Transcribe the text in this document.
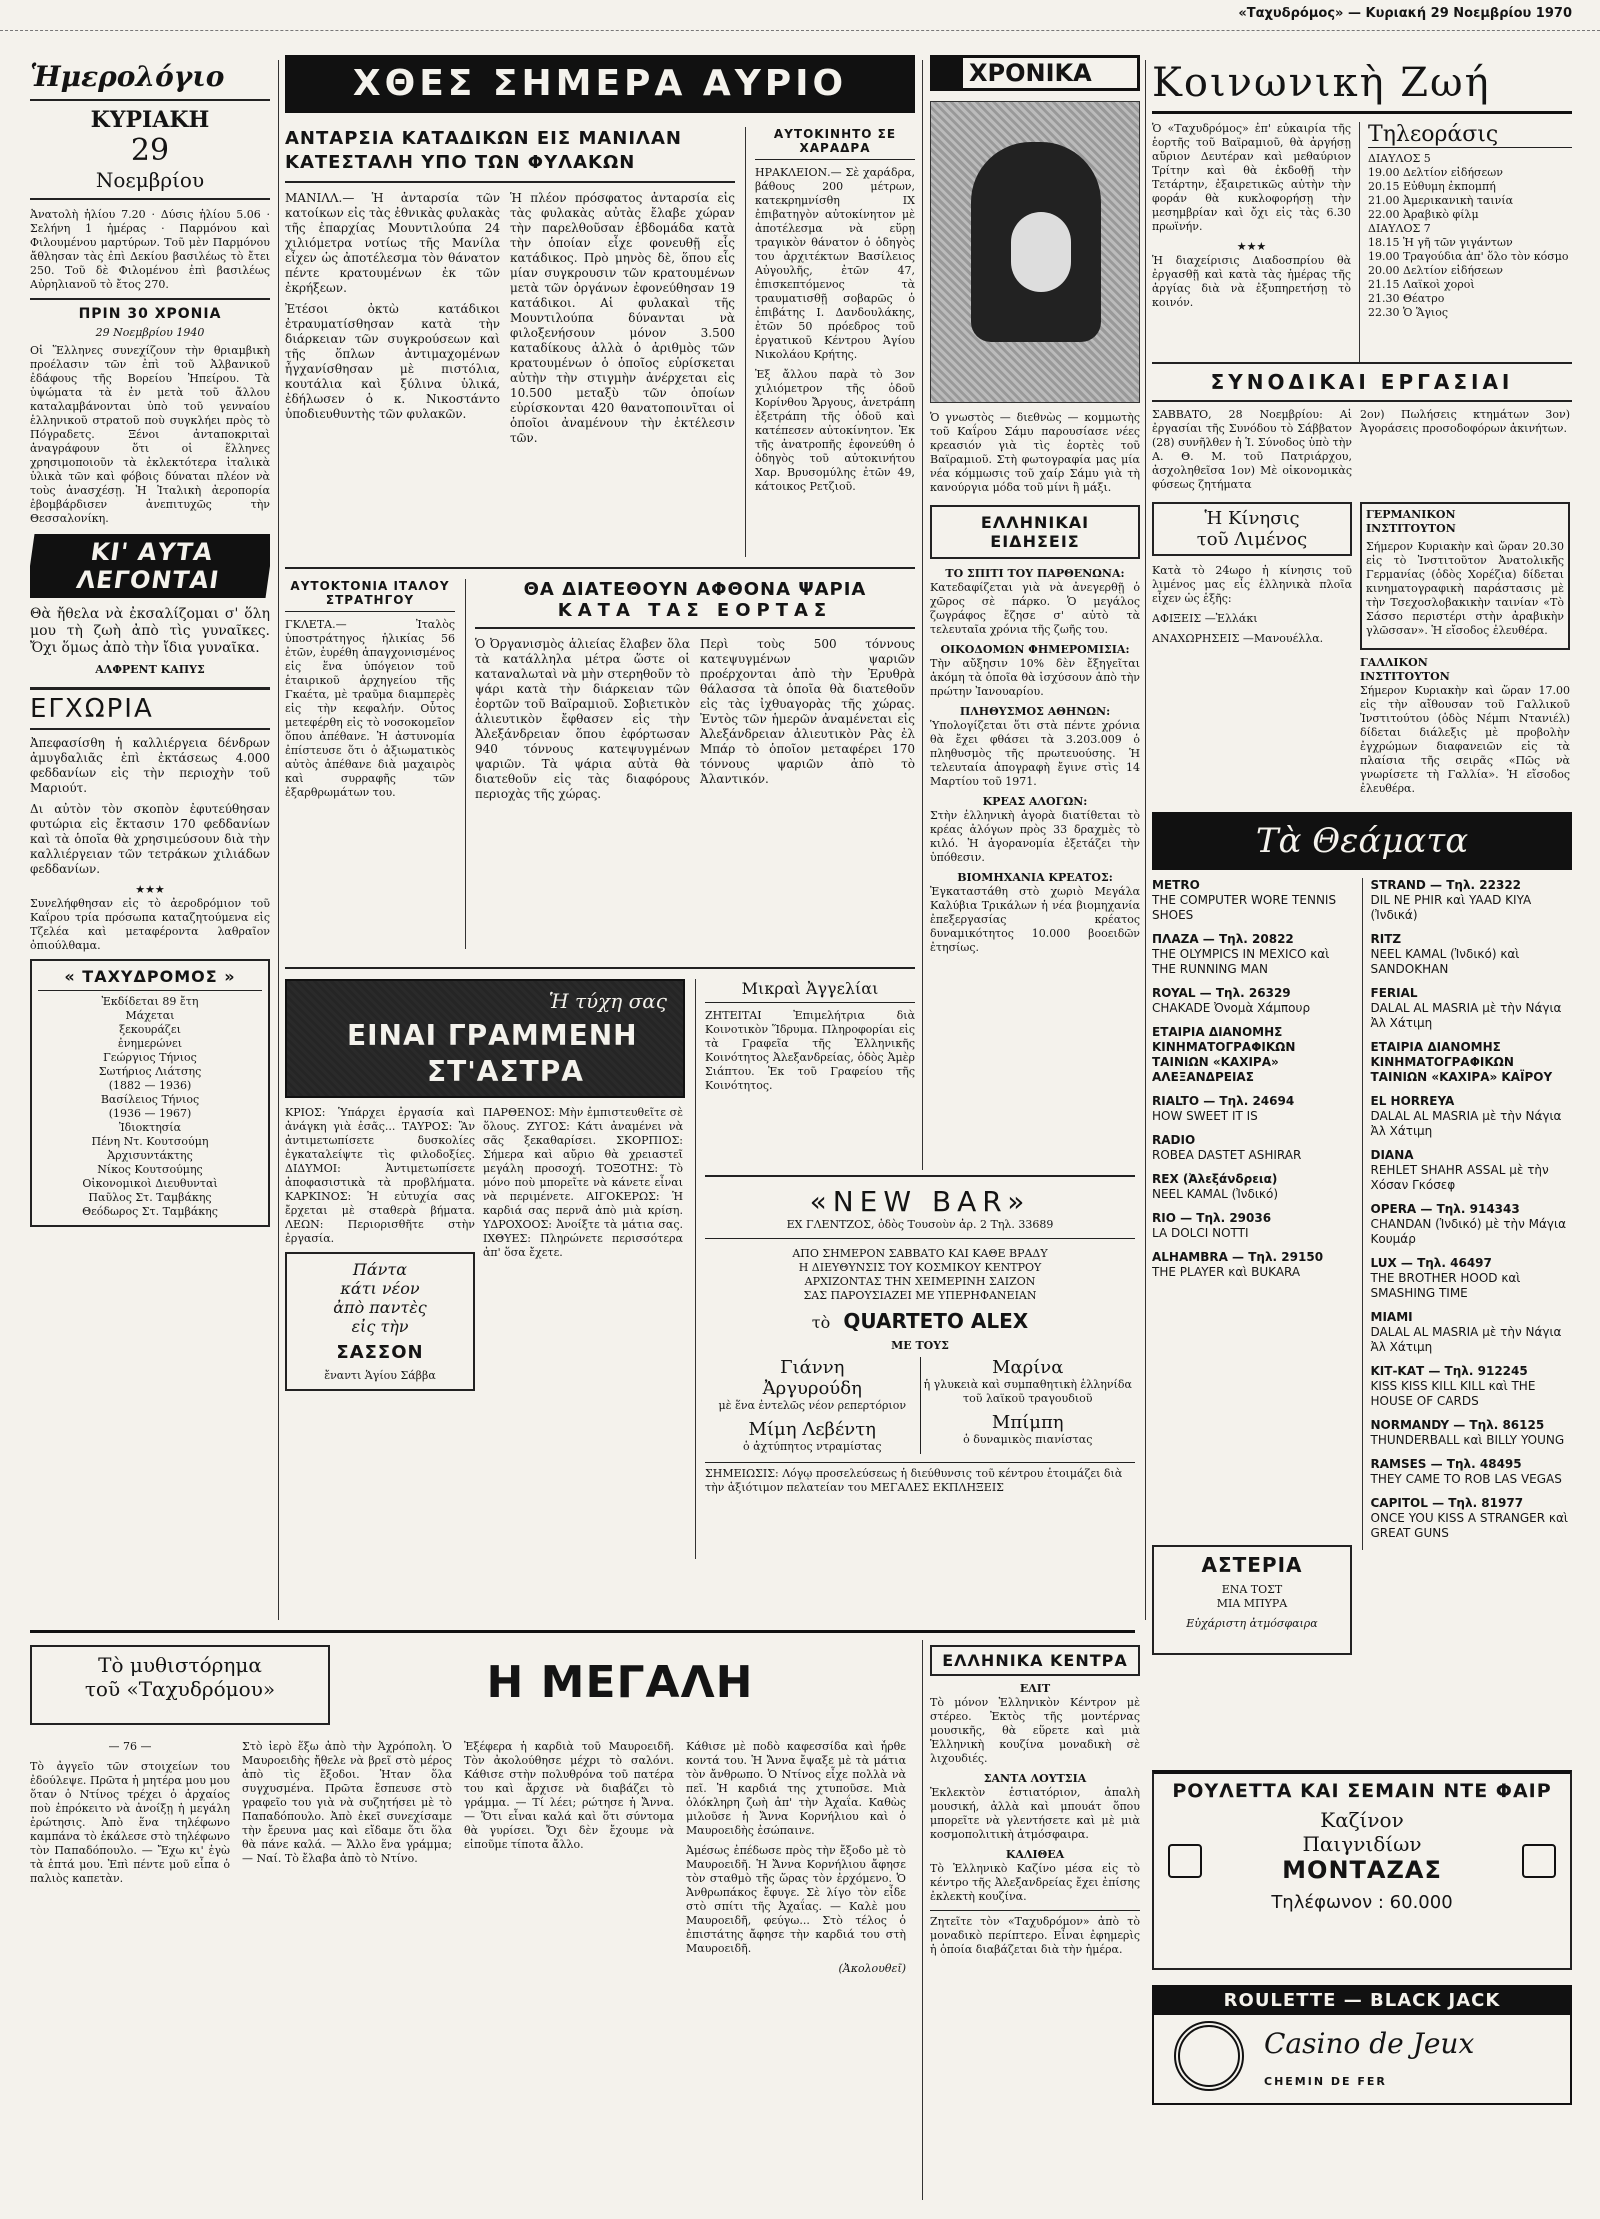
«Ταχυδρόμος» — Κυριακή 29 Νοεμβρίου 1970
Ἡμερολόγιο
ΚΥΡΙΑΚΗ
29
Νοεμβρίου

Ἀνατολὴ ἡλίου 7.20 · Δύσις ἡλίου 5.06 · Σελήνη 1 ἡμέρας · Παρμόνου καὶ Φιλουμένου μαρτύρων. Τοῦ μὲν Παρμόνου ἄθλησαν τὰς ἐπὶ Δεκίου βασιλέως τὸ ἔτει 250. Τοῦ δὲ Φιλομένου ἐπὶ βασιλέως Αὐρηλιανοῦ τὸ ἔτος 270.

ΠΡΙΝ 30 ΧΡΟΝΙΑ
29 Νοεμβρίου 1940

Οἱ Ἕλληνες συνεχίζουν τὴν θριαμβικὴ προέλασιν τῶν ἐπὶ τοῦ Ἀλβανικοῦ ἐδάφους τῆς Βορείου Ἠπείρου. Τὰ ὑψώματα τὰ ἐν μετὰ τοῦ ἄλλου καταλαμβάνονται ὑπὸ τοῦ γενναίου ἑλληνικοῦ στρατοῦ ποὺ συγκλήει πρὸς τὸ Πόγραδετς. Ξένοι ἀνταποκριταὶ ἀναγράφουν ὅτι οἱ ἕλληνες χρησιμοποιοῦν τὰ ἐκλεκτότερα ἰταλικὰ ὑλικὰ τῶν καὶ φόβοις δύναται πλέον νὰ τοὺς ἀνασχέσῃ. Ἡ Ἰταλικὴ ἀεροπορία ἐβομβάρδισεν ἀνεπιτυχῶς τὴν Θεσσαλονίκη.

ΚΙ' ΑΥΤΑ
ΛΕΓΟΝΤΑΙ

Θὰ ἤθελα νὰ ἐκσαλίζομαι σ' ὅλη μου τὴ ζωὴ ἀπὸ τὶς γυναῖκες. Ὄχι ὅμως ἀπὸ τὴν ἴδια γυναῖκα.

ΑΛΦΡΕΝΤ ΚΑΠΥΣ
ΕΓΧΩΡΙΑ

Ἀπεφασίσθη ἡ καλλιέργεια δένδρων ἀμυγδαλιᾶς ἐπὶ ἐκτάσεως 4.000 φεδδανίων εἰς τὴν περιοχὴν τοῦ Μαριούτ.

Δι αὐτὸν τὸν σκοπὸν ἐφυτεύθησαν φυτώρια εἰς ἔκτασιν 170 φεδδανίων καὶ τὰ ὁποῖα θὰ χρησιμεύσουν διὰ τὴν καλλιέργειαν τῶν τετράκων χιλιάδων φεδδανίων.

★★★

Συνελήφθησαν εἰς τὸ ἀεροδρόμιον τοῦ Καΐρου τρία πρόσωπα καταζητούμενα εἰς Τζελέα καὶ μεταφέροντα λαθραῖον ὀπιούλθαμα.

« ΤΑΧΥΔΡΟΜΟΣ »
Ἐκδίδεται 89 ἔτη
Μάχεται
ξεκουράζει
ἐνημερώνει
Γεώργιος Τήνιος
Σωτήριος Λιάτσης
(1882 — 1936)
Βασίλειος Τήνιος
(1936 — 1967)
Ἰδιοκτησία
Πένη Ντ. Κουτσούμη
Ἀρχισυντάκτης
Νίκος Κουτσούμης
Οἰκονομικοὶ Διευθυνταὶ
Παῦλος Στ. Ταμβάκης
Θεόδωρος Στ. Ταμβάκης
ΧΘΕΣ ΣΗΜΕΡΑ ΑΥΡΙΟ
ΑΝΤΑΡΣΙΑ ΚΑΤΑΔΙΚΩΝ ΕΙΣ ΜΑΝΙΛΑΝ
ΚΑΤΕΣΤΑΛΗ ΥΠΟ ΤΩΝ ΦΥΛΑΚΩΝ

ΜΑΝΙΛΛ.— Ἡ ἀνταρσία τῶν κατοίκων εἰς τὰς ἐθνικὰς φυλακὰς τῆς ἐπαρχίας Μουντιλούπα 24 χιλιόμετρα νοτίως τῆς Μανίλα εἶχεν ὡς ἀποτέλεσμα τὸν θάνατον πέντε κρατουμένων ἐκ τῶν ἐκρήξεων.

Ἐτέσοι ὀκτὼ κατάδικοι ἐτραυματίσθησαν κατὰ τὴν διάρκειαν τῶν συγκρούσεων καὶ τῆς ὅπλων ἀντιμαχομένων ἦγχανίσθησαν μὲ πιστόλια, κουτάλια καὶ ξύλινα ὑλικά, ἐδήλωσεν ὁ κ. Νικοστάντο ὑποδιευθυντὴς τῶν φυλακῶν.

Ἡ πλέον πρόσφατος ἀνταρσία εἰς τὰς φυλακὰς αὐτὰς ἔλαβε χώραν τὴν παρελθοῦσαν ἑβδομάδα κατὰ τὴν ὁποίαν εἶχε φονευθῇ εἷς κατάδικος. Πρὸ μηνὸς δὲ, ὅπου εἷς μίαν συγκρουσιν τῶν κρατουμένων μετὰ τῶν ὀργάνων ἐφονεύθησαν 19 κατάδικοι. Αἱ φυλακαὶ τῆς Μουντιλούπα δύνανται νὰ φιλοξενήσουν μόνον 3.500 καταδίκους ἀλλὰ ὁ ἀριθμὸς τῶν κρατουμένων ὁ ὁποῖος εὑρίσκεται αὐτὴν τὴν στιγμὴν ἀνέρχεται εἰς 10.500 μεταξὺ τῶν ὁποίων εὑρίσκονται 420 θανατοποινῖται οἱ ὁποῖοι ἀναμένουν τὴν ἐκτέλεσιν τῶν.

ΑΥΤΟΚΙΝΗΤΟ ΣΕ ΧΑΡΑΔΡΑ

ΗΡΑΚΛΕΙΟΝ.— Σὲ χαράδρα, βάθους 200 μέτρων, κατεκρημνίσθη ΙΧ ἐπιβατηγὸν αὐτοκίνητον μὲ ἀποτέλεσμα νὰ εὕρῃ τραγικὸν θάνατον ὁ ὁδηγὸς του ἀρχιτέκτων Βασίλειος Αὐγουλῆς, ἐτῶν 47, ἐπισκεπτόμενος τὰ τραυματισθῇ σοβαρῶς ὁ ἐπιβάτης Ι. Δανδουλάκης, ἐτῶν 50 πρόεδρος τοῦ ἐργατικοῦ Κέντρου Ἁγίου Νικολάου Κρήτης.

Ἐξ ἄλλου παρὰ τὸ 3ον χιλιόμετρον τῆς ὁδοῦ Κορίνθου Ἄργους, ἀνετράπη ἐξετράπη τῆς ὁδοῦ καὶ κατέπεσεν αὐτοκίνητον. Ἐκ τῆς ἀνατροπῆς ἐφονεύθη ὁ ὁδηγὸς τοῦ αὐτοκινήτου Χαρ. Βρυσομύλης ἐτῶν 49, κάτοικος Ρετζιοῦ.

ΑΥΤΟΚΤΟΝΙΑ ΙΤΑΛΟΥ ΣΤΡΑΤΗΓΟΥ

ΓΚΛΕΤΑ.— Ἰταλὸς ὑποστράτηγος ἡλικίας 56 ἐτῶν, ἐυρέθη ἀπαγχονισμένος εἰς ἕνα ὑπόγειον τοῦ ἑταιρικοῦ ἀρχηγείου τῆς Γκαέτα, μὲ τραῦμα διαμπερὲς εἰς τὴν κεφαλήν. Οὗτος μετεφέρθη εἰς τὸ νοσοκομεῖον ὅπου ἀπέθανε. Ἡ ἀστυνομία ἐπίστευσε ὅτι ὁ ἀξιωματικὸς αὐτὸς ἀπέθανε διὰ μαχαιρὸς καὶ συρραφῆς τῶν ἐξαρθρωμάτων του.

ΘΑ ΔΙΑΤΕΘΟΥΝ ΑΦΘΟΝΑ ΨΑΡΙΑ
ΚΑΤΑ ΤΑΣ ΕΟΡΤΑΣ

Ὁ Ὀργανισμὸς ἁλιείας ἔλαβεν ὅλα τὰ κατάλληλα μέτρα ὥστε οἱ καταναλωταὶ νὰ μὴν στερηθοῦν τὸ ψάρι κατὰ τὴν διάρκειαν τῶν ἑορτῶν τοῦ Βαϊραμιοῦ. Σοβιετικὸν ἁλιευτικὸν ἔφθασεν εἰς τὴν Ἀλεξάνδρειαν ὅπου ἐφόρτωσαν 940 τόννους κατεψυγμένων ψαριῶν. Τὰ ψάρια αὐτὰ θὰ διατεθοῦν εἰς τὰς διαφόρους περιοχὰς τῆς χώρας.

Περὶ τοὺς 500 τόννους κατεψυγμένων ψαριῶν προέρχονται ἀπὸ τὴν Ἐρυθρὰ θάλασσα τὰ ὁποῖα θὰ διατεθοῦν εἰς τὰς ἰχθυαγορὰς τῆς χώρας. Ἐντὸς τῶν ἡμερῶν ἀναμένεται εἰς Ἀλεξάνδρειαν ἁλιευτικὸν Ρὰς ἐλ Μπάρ τὸ ὁποῖον μεταφέρει 170 τόννους ψαριῶν ἀπὸ τὸ Ἀλαντικόν.

Ἡ τύχη σας
ΕΙΝΑΙ ΓΡΑΜΜΕΝΗ
ΣΤ'ΑΣΤΡΑ

ΚΡΙΟΣ: Ὑπάρχει ἐργασία καὶ ἀνάγκη γιὰ ἐσᾶς... ΤΑΥΡΟΣ: Ἂν ἀντιμετωπίσετε δυσκολίες ἐγκαταλείψτε τὶς φιλοδοξίες. ΔΙΔΥΜΟΙ: Ἀντιμετωπίσετε ἀποφασιστικὰ τὰ προβλήματα. ΚΑΡΚΙΝΟΣ: Ἡ εὐτυχία σας ἔρχεται μὲ σταθερὰ βήματα. ΛΕΩΝ: Περιορισθῆτε στὴν ἐργασία.

Πάντα
κάτι νέον
ἀπὸ παντὲς
εἰς τὴν
ΣΑΣΣΟΝ
ἔναντι Ἁγίου Σάββα

ΠΑΡΘΕΝΟΣ: Μὴν ἐμπιστευθεῖτε σὲ ὅλους. ΖΥΓΟΣ: Κάτι ἀναμένει νὰ σᾶς ξεκαθαρίσει. ΣΚΟΡΠΙΟΣ: Σήμερα καὶ αὔριο θὰ χρειαστεῖ μεγάλη προσοχή. ΤΟΞΟΤΗΣ: Τὸ μόνο ποὺ μπορεῖτε νὰ κάνετε εἶναι νὰ περιμένετε. ΑΙΓΟΚΕΡΩΣ: Ἡ καρδιά σας περνᾶ ἀπὸ μιὰ κρίση. ΥΔΡΟΧΟΟΣ: Ἀνοίξτε τὰ μάτια σας. ΙΧΘΥΕΣ: Πληρώνετε περισσότερα ἀπ' ὅσα ἔχετε.

Μικραὶ Ἀγγελίαι

ΖΗΤΕΙΤΑΙ Ἐπιμελήτρια διὰ Κοινοτικὸν Ἵδρυμα. Πληροφορίαι εἰς τὰ Γραφεῖα τῆς Ἑλληνικῆς Κοινότητος Ἀλεξανδρείας, ὁδὸς Ἀμὲρ Σιάπτου. Ἐκ τοῦ Γραφείου τῆς Κοινότητος.

«NEW BAR»
ΕΧ ΓΛΕΝΤΖΟΣ, ὁδὸς Τουσοὺν ἀρ. 2 Τηλ. 33689
ΑΠΟ ΣΗΜΕΡΟΝ ΣΑΒΒΑΤΟ ΚΑΙ ΚΑΘΕ ΒΡΑΔΥ
Η ΔΙΕΥΘΥΝΣΙΣ ΤΟΥ ΚΟΣΜΙΚΟΥ ΚΕΝΤΡΟΥ
ΑΡΧΙΖΟΝΤΑΣ ΤΗΝ ΧΕΙΜΕΡΙΝΗ ΣΑΙΖΟΝ
ΣΑΣ ΠΑΡΟΥΣΙΑΖΕΙ ΜΕ ΥΠΕΡΗΦΑΝΕΙΑΝ
τὸ QUARTETO ALEX
ΜΕ ΤΟΥΣ
Γιάννη
Ἀργυρούδη
μὲ ἕνα ἐντελῶς νέον ρεπερτόριον
Μίμη Λεβέντη
ὁ ἀχτύπητος ντραμίστας
Μαρίνα
ἡ γλυκειὰ καὶ συμπαθητικὴ ἑλληνίδα τοῦ λαϊκοῦ τραγουδιοῦ
Μπίμπη
ὁ δυναμικὸς πιανίστας

ΣΗΜΕΙΩΣΙΣ: Λόγῳ προσελεύσεως ἡ διεύθυνσις τοῦ κέντρου ἑτοιμάζει διὰ τὴν ἀξιότιμον πελατείαν του ΜΕΓΑΛΕΣ ΕΚΠΛΗΞΕΙΣ

ΧΡΟΝΙΚΑ

Ὁ γνωστὸς — διεθνὼς — κομμωτὴς τοῦ Καΐρου Σάμυ παρουσίασε νέες κρεασιόν γιὰ τὶς ἑορτὲς τοῦ Βαϊραμιοῦ. Στὴ φωτογραφία μας μία νέα κόμμωσις τοῦ χαίρ Σάμυ γιὰ τὴ κανούργια μόδα τοῦ μίνι ἢ μάξι.

ΕΛΛΗΝΙΚΑΙ
ΕΙΔΗΣΕΙΣ
ΤΟ ΣΠΙΤΙ ΤΟΥ ΠΑΡΘΕΝΩΝΑ:

Κατεδαφίζεται γιὰ νὰ ἀνεγερθῇ ὁ χῶρος σὲ πάρκο. Ὁ μεγάλος ζωγράφος ἔζησε σ' αὐτὸ τὰ τελευταῖα χρόνια τῆς ζωῆς του.

ΟΙΚΟΔΟΜΩΝ ΦΗΜΕΡΟΜΙΣΙΑ:

Τὴν αὔξησιν 10% δὲν ἔξηγεῖται ἀκόμη τὰ ὁποῖα θὰ ἰσχύσουν ἀπὸ τὴν πρώτην Ἰανουαρίου.

ΠΛΗΘΥΣΜΟΣ ΑΘΗΝΩΝ:

Ὑπολογίζεται ὅτι στὰ πέντε χρόνια θὰ ἔχει φθάσει τὰ 3.203.009 ὁ πληθυσμὸς τῆς πρωτευούσης. Ἡ τελευταία ἀπογραφὴ ἔγινε στὶς 14 Μαρτίου τοῦ 1971.

ΚΡΕΑΣ ΑΛΟΓΩΝ:

Στὴν ἑλληνικὴ ἀγορὰ διατίθεται τὸ κρέας ἀλόγων πρὸς 33 δραχμὲς τὸ κιλό. Ἡ ἀγορανομία ἐξετάζει τὴν ὑπόθεσιν.

ΒΙΟΜΗΧΑΝΙΑ ΚΡΕΑΤΟΣ:

Ἐγκαταστάθη στὸ χωριὸ Μεγάλα Καλύβια Τρικάλων ἡ νέα βιομηχανία ἐπεξεργασίας κρέατος δυναμικότητος 10.000 βοοειδῶν ἐτησίως.

Κοινωνικὴ Ζωή

Ὁ «Ταχυδρόμος» ἐπ' εὐκαιρία τῆς ἑορτῆς τοῦ Βαϊραμιοῦ, θὰ ἀργήσῃ αὔριον Δευτέραν καὶ μεθαύριον Τρίτην καὶ θὰ ἐκδοθῇ τὴν Τετάρτην, ἐξαιρετικῶς αὐτὴν τὴν φοράν θὰ κυκλοφορήσῃ τὴν μεσημβρίαν καὶ ὄχι εἰς τὰς 6.30 πρωϊνήν.

★★★

Ἡ διαχείρισις Διαδοσπρίου θὰ ἐργασθῇ καὶ κατὰ τὰς ἡμέρας τῆς ἀργίας διὰ νὰ ἐξυπηρετήσῃ τὸ κοινόν.

Τηλεοράσις
ΔΙΑΥΛΟΣ 5
19.00 Δελτίον εἰδήσεων
20.15 Εὐθυμη ἐκπομπή
21.00 Ἀμερικανικὴ ταινία
22.00 Ἀραβικὸ φίλμ
ΔΙΑΥΛΟΣ 7
18.15 Ἡ γῆ τῶν γιγάντων
19.00 Τραγούδια ἀπ' ὅλο τὸν κόσμο
20.00 Δελτίον εἰδήσεων
21.15 Λαϊκοὶ χοροὶ
21.30 Θέατρο
22.30 Ὁ Ἅγιος
ΣΥΝΟΔΙΚΑΙ ΕΡΓΑΣΙΑΙ

ΣΑΒΒΑΤΟ, 28 Νοεμβρίου: Αἱ ἐργασίαι τῆς Συνόδου τὸ Σάββατον (28) συνῆλθεν ἡ Ἱ. Σύνοδος ὑπὸ τὴν Α. Θ. Μ. τοῦ Πατριάρχου, ἀσχοληθεῖσα 1ον) Μὲ οἰκονομικὰς φύσεως ζητήματα

2ον) Πωλήσεις κτημάτων 3ον) Ἀγοράσεις προσοδοφόρων ἀκινήτων.

Ἡ Κίνησις
τοῦ Λιμένος

Κατὰ τὸ 24ωρο ἡ κίνησις τοῦ λιμένος μας εἶς ἑλληνικὰ πλοῖα εἶχεν ὡς ἑξῆς:

ΑΦΙΞΕΙΣ —Ἑλλάκι
ΑΝΑΧΩΡΗΣΕΙΣ —Μανουέλλα.
ΓΕΡΜΑΝΙΚΟΝ
ΙΝΣΤΙΤΟΥΤΟΝ

Σήμερον Κυριακὴν καὶ ὥραν 20.30 εἰς τὸ Ἰνστιτοῦτον Ἀνατολικῆς Γερμανίας (ὁδὸς Χορέζια) δίδεται κινηματογραφικὴ παράστασις μὲ τὴν Τσεχοσλοβακικὴν ταινίαν «Τὸ Σάσσο περιστέρι στὴν ἀραβικὴν γλῶσσαν». Ἡ εἴσοδος ἐλευθέρα.

ΓΑΛΛΙΚΟΝ
ΙΝΣΤΙΤΟΥΤΟΝ

Σήμερον Κυριακὴν καὶ ὥραν 17.00 εἰς τὴν αἴθουσαν τοῦ Γαλλικοῦ Ἰνστιτούτου (ὁδὸς Νέμπι Ντανιέλ) δίδεται διάλεξις μὲ προβολὴν ἐγχρώμων διαφανειῶν εἰς τὰ πλαίσια τῆς σειρᾶς «Πῶς νὰ γνωρίσετε τὴ Γαλλία». Ἡ εἴσοδος ἐλευθέρα.

Τὰ Θεάματα
METRO
THE COMPUTER WORE TENNIS SHOES
ΠΛΑΖΑ — Τηλ. 20822
THE OLYMPICS IN MEXICO καὶ THE RUNNING MAN
ROYAL — Τηλ. 26329
CHAKADE Ὀνομὰ Χάμπουρ
ΕΤΑΙΡΙΑ ΔΙΑΝΟΜΗΣ ΚΙΝΗΜΑΤΟΓΡΑΦΙΚΩΝ ΤΑΙΝΙΩΝ «ΚΑΧΙΡΑ» ΑΛΕΞΑΝΔΡΕΙΑΣ
RIALTO — Τηλ. 24694
HOW SWEET IT IS
RADIO
ROBEA DASTET ASHIRAR
REX (Ἀλεξάνδρεια)
NEEL KAMAL (Ἰνδικό)
RIO — Τηλ. 29036
LA DOLCI NOTTI
ALHAMBRA — Τηλ. 29150
THE PLAYER καὶ BUKARA
STRAND — Τηλ. 22322
DIL NE PHIR καὶ YAAD KIYA (Ἰνδικά)
RITZ
NEEL KAMAL (Ἰνδικό) καὶ SANDOKHAN
FERIAL
DALAL AL MASRIA μὲ τὴν Νάγια Ἀλ Χάτιμη
ΕΤΑΙΡΙΑ ΔΙΑΝΟΜΗΣ ΚΙΝΗΜΑΤΟΓΡΑΦΙΚΩΝ ΤΑΙΝΙΩΝ «ΚΑΧΙΡΑ» ΚΑΪΡΟΥ
EL HORREYA
DALAL AL MASRIA μὲ τὴν Νάγια Ἀλ Χάτιμη
DIANA
REHLET SHAHR ASSAL μὲ τὴν Χόσαν Γκόσεφ
OPERA — Τηλ. 914343
CHANDAN (Ἰνδικό) μὲ τὴν Μάγια Κουμάρ
LUX — Τηλ. 46497
THE BROTHER HOOD καὶ SMASHING TIME
MIAMI
DALAL AL MASRIA μὲ τὴν Νάγια Ἀλ Χάτιμη
ΚΙΤ-ΚΑΤ — Τηλ. 912245
KISS KISS KILL KILL καὶ THE HOUSE OF CARDS
NORMANDY — Τηλ. 86125
THUNDERBALL καὶ BILLY YOUNG
RAMSES — Τηλ. 48495
THEY CAME TO ROB LAS VEGAS
CAPITOL — Τηλ. 81977
ONCE YOU KISS A STRANGER καὶ GREAT GUNS
ΑΣΤΕΡΙΑ
ΕΝΑ ΤΟΣΤ
ΜΙΑ ΜΠΥΡΑ
Εὐχάριστη ἀτμόσφαιρα
Τὸ μυθιστόρημα
τοῦ «Ταχυδρόμου»	Η ΜΕΓΑΛΗ
— 76 —

Τὸ ἀγγεῖο τῶν στοιχείων του ἐδούλεψε. Πρῶτα ἡ μητέρα μου μου ὅταν ὁ Ντίνος τρέχει ὁ ἀρχαίος ποὺ ἐπρόκειτο νὰ ἀνοίξῃ ἡ μεγάλη ἐρώτησις. Ἀπὸ ἕνα τηλέφωνο καμπάνα τὸ ἐκάλεσε στὸ τηλέφωνο τὸν Παπαδόπουλο. — Ἔχω κι' ἐγὼ τὰ ἑπτά μου. Ἐπὶ πέντε μοῦ εἶπα ὁ παλιὸς καπετὰν.

Στὸ ἱερὸ ἕξω ἀπὸ τὴν Ἀχρόπολη. Ὁ Μαυροειδὴς ἤθελε νὰ βρεῖ στὸ μέρος ἀπὸ τὶς ἔξοδοι. Ἡταν ὅλα συγχυσμένα. Πρῶτα ἔσπευσε στὸ γραφεῖο του γιὰ νὰ συζητήσει μὲ τὸ Παπαδόπουλο. Ἀπὸ ἐκεῖ συνεχίσαμε τὴν ἔρευνα μας καὶ εἴδαμε ὅτι ὅλα θὰ πάνε καλά. — Ἄλλο ἕνα γράμμα; — Ναί. Τὸ ἔλαβα ἀπὸ τὸ Ντίνο.

Ἐξέφερα ἡ καρδιὰ τοῦ Μαυροειδῆ. Τὸν ἀκολούθησε μέχρι τὸ σαλόνι. Κάθισε στὴν πολυθρόνα τοῦ πατέρα του καὶ ἄρχισε νὰ διαβάζει τὸ γράμμα. — Τί λέει; ρώτησε ἡ Ἄννα. — Ὅτι εἶναι καλά καὶ ὅτι σύντομα θὰ γυρίσει. Ὄχι δὲν ἔχουμε νὰ εἰποῦμε τίποτα ἄλλο.

Κάθισε μὲ ποδὸ καφεσσίδα καὶ ἦρθε κοντά του. Ἡ Ἄννα ἔψαξε μὲ τὰ μάτια τὸν ἄνθρωπο. Ὁ Ντίνος εἶχε πολλὰ νὰ πεῖ. Ἡ καρδιά της χτυποῦσε. Μιὰ ὁλόκληρη ζωὴ ἀπ' τὴν Ἀχαΐα. Καθὼς μιλοῦσε ἡ Ἄννα Κορνήλιου καὶ ὁ Μαυροειδὴς ἐσώπαινε.

Ἀμέσως ἐπέδωσε πρὸς τὴν ἔξοδο μὲ τὸ Μαυροειδῆ. Ἡ Ἄννα Κορνήλιου ἄφησε τὸν σταθμὸ τῆς ὥρας τὸν ἐρχόμενο. Ὁ Ἀνθρωπάκος ἔφυγε. Σὲ λίγο τὸν εἶδε στὸ σπίτι τῆς Ἀχαΐας. — Καλὲ μου Μαυροειδῆ, φεύγω... Στὸ τέλος ὁ ἐπιστάτης ἄφησε τὴν καρδιά του στὴ Μαυροειδῆ.

(Ἀκολουθεῖ)
ΕΛΛΗΝΙΚΑ ΚΕΝΤΡΑ
ΕΛΙΤ

Τὸ μόνον Ἑλληνικὸν Κέντρον μὲ στέρεο. Ἐκτὸς τῆς μοντέρνας μουσικῆς, θὰ εὕρετε καὶ μιὰ Ἑλληνικὴ κουζίνα μοναδικὴ σὲ λιχουδιές.

ΣΑΝΤΑ ΛΟΥΤΣΙΑ

Ἐκλεκτὸν ἑστιατόριον, ἀπαλὴ μουσική, ἀλλὰ καὶ μπουάτ ὅπου μπορεῖτε νὰ γλεντήσετε καὶ μὲ μιὰ κοσμοπολιτικὴ ἀτμόσφαιρα.

ΚΑΛΙΘΕΑ

Τὸ Ἑλληνικὸ Καζίνο μέσα εἰς τὸ κέντρο τῆς Ἀλεξανδρείας ἔχει ἐπίσης ἐκλεκτὴ κουζίνα.

Ζητεῖτε τὸν «Ταχυδρόμον» ἀπὸ τὸ μοναδικὸ περίπτερο. Εἶναι ἐφημερὶς ἡ ὁποία διαβάζεται διὰ τὴν ἡμέρα.

ΡΟΥΛΕΤΤΑ ΚΑΙ ΣΕΜΑΙΝ ΝΤΕ ΦΑΙΡ
Καζίνον
Παιγνιδίων
ΜΟΝΤΑΖΑΣ
Τηλέφωνον : 60.000
ROULETTE — BLACK JACK
Casino de Jeux
CHEMIN DE FER
